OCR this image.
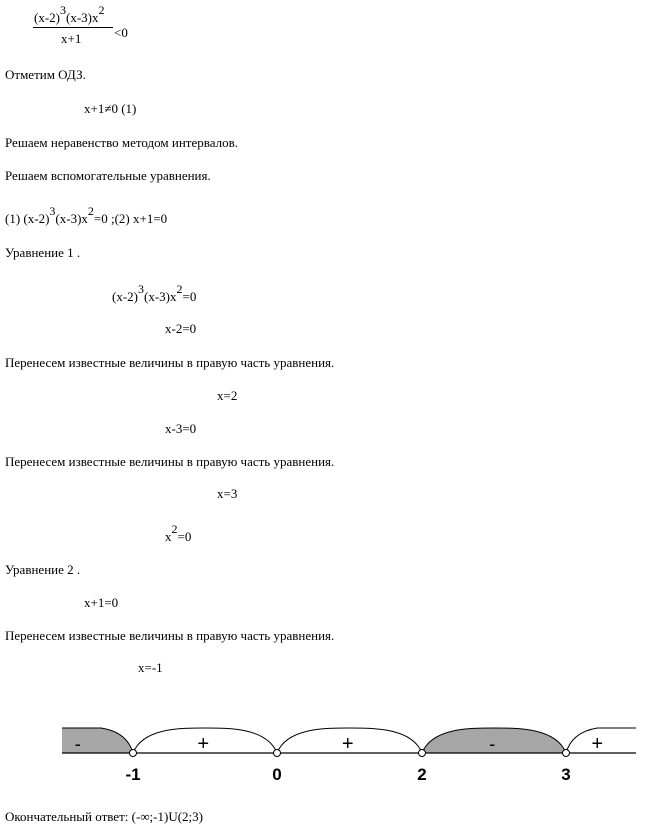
(x-2)3(x-3)x2
x+1	<0
Отметим ОДЗ.
x+1≠0 (1)
Решаем неравенство методом интервалов.
Решаем вспомогательные уравнения.
(1) (x-2)3(x-3)x2=0 ;(2) x+1=0
Уравнение 1 .
(x-2)3(x-3)x2=0
x-2=0
Перенесем известные величины в правую часть уравнения.
x=2
x-3=0
Перенесем известные величины в правую часть уравнения.
x=3
x2=0
Уравнение 2 .
x+1=0
Перенесем известные величины в правую часть уравнения.
x=-1
-	+	+	-	+
-1	0	2	3
Окончательный ответ: (-∞;-1)U(2;3)
